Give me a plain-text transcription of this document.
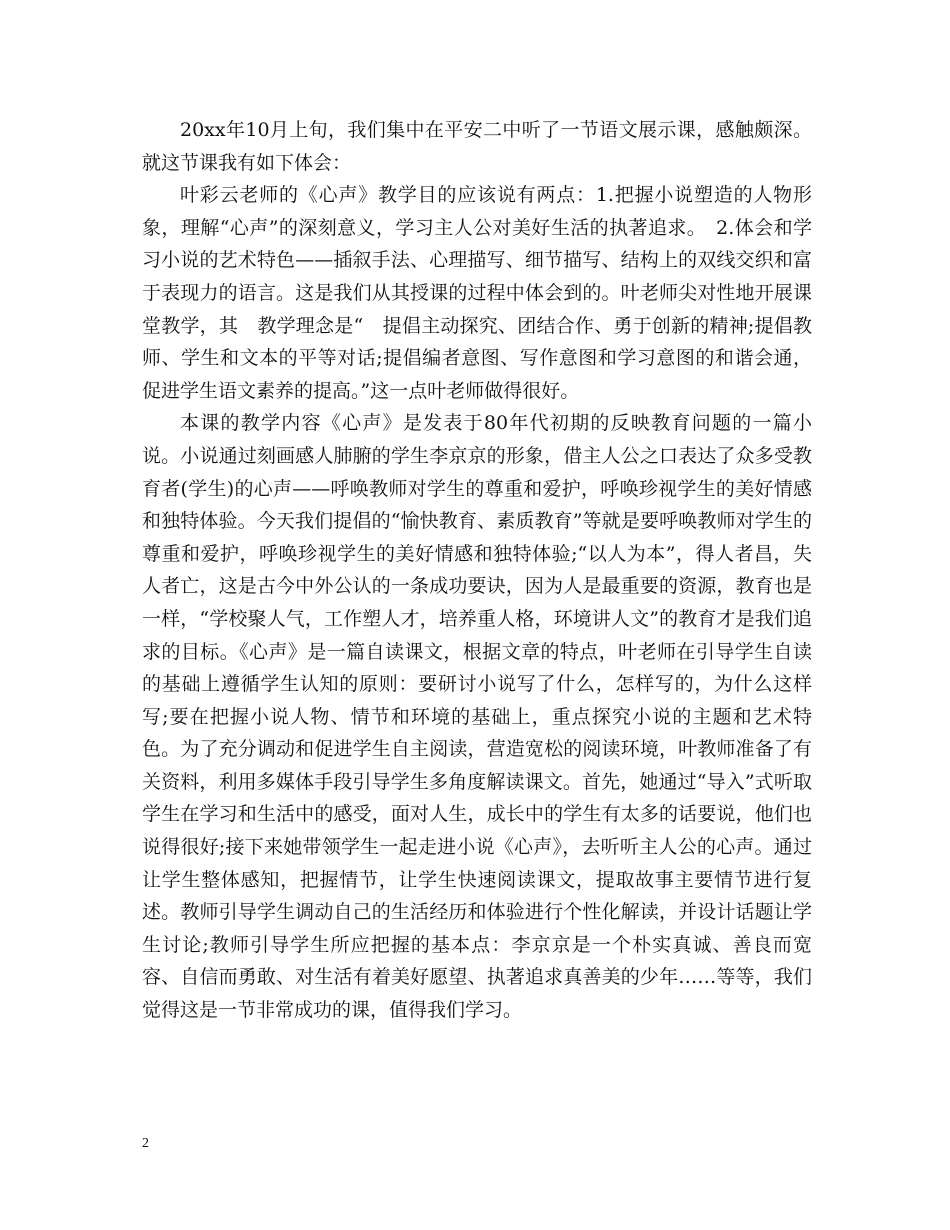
20xx年10月上旬，我们集中在平安二中听了一节语文展示课，感触颇深。就这节课我有如下体会：

叶彩云老师的《心声》教学目的应该说有两点：1.把握小说塑造的人物形象，理解“心声”的深刻意义，学习主人公对美好生活的执著追求。　2.体会和学习小说的艺术特色——插叙手法、心理描写、细节描写、结构上的双线交织和富于表现力的语言。这是我们从其授课的过程中体会到的。叶老师尖对性地开展课堂教学，其　教学理念是“　提倡主动探究、团结合作、勇于创新的精神;提倡教师、学生和文本的平等对话;提倡编者意图、写作意图和学习意图的和谐会通，促进学生语文素养的提高。”这一点叶老师做得很好。

本课的教学内容《心声》是发表于80年代初期的反映教育问题的一篇小说。小说通过刻画感人肺腑的学生李京京的形象，借主人公之口表达了众多受教育者(学生)的心声——呼唤教师对学生的尊重和爱护，呼唤珍视学生的美好情感和独特体验。今天我们提倡的“愉快教育、素质教育”等就是要呼唤教师对学生的尊重和爱护，呼唤珍视学生的美好情感和独特体验;“以人为本”，得人者昌，失人者亡，这是古今中外公认的一条成功要诀，因为人是最重要的资源，教育也是一样，“学校聚人气，工作塑人才，培养重人格，环境讲人文”的教育才是我们追求的目标。《心声》是一篇自读课文，根据文章的特点，叶老师在引导学生自读的基础上遵循学生认知的原则：要研讨小说写了什么，怎样写的，为什么这样写;要在把握小说人物、情节和环境的基础上，重点探究小说的主题和艺术特色。为了充分调动和促进学生自主阅读，营造宽松的阅读环境，叶教师准备了有关资料，利用多媒体手段引导学生多角度解读课文。首先，她通过“导入”式听取学生在学习和生活中的感受，面对人生，成长中的学生有太多的话要说，他们也说得很好;接下来她带领学生一起走进小说《心声》，去听听主人公的心声。通过让学生整体感知，把握情节，让学生快速阅读课文，提取故事主要情节进行复述。教师引导学生调动自己的生活经历和体验进行个性化解读，并设计话题让学生讨论;教师引导学生所应把握的基本点：李京京是一个朴实真诚、善良而宽容、自信而勇敢、对生活有着美好愿望、执著追求真善美的少年……等等，我们觉得这是一节非常成功的课，值得我们学习。

2
